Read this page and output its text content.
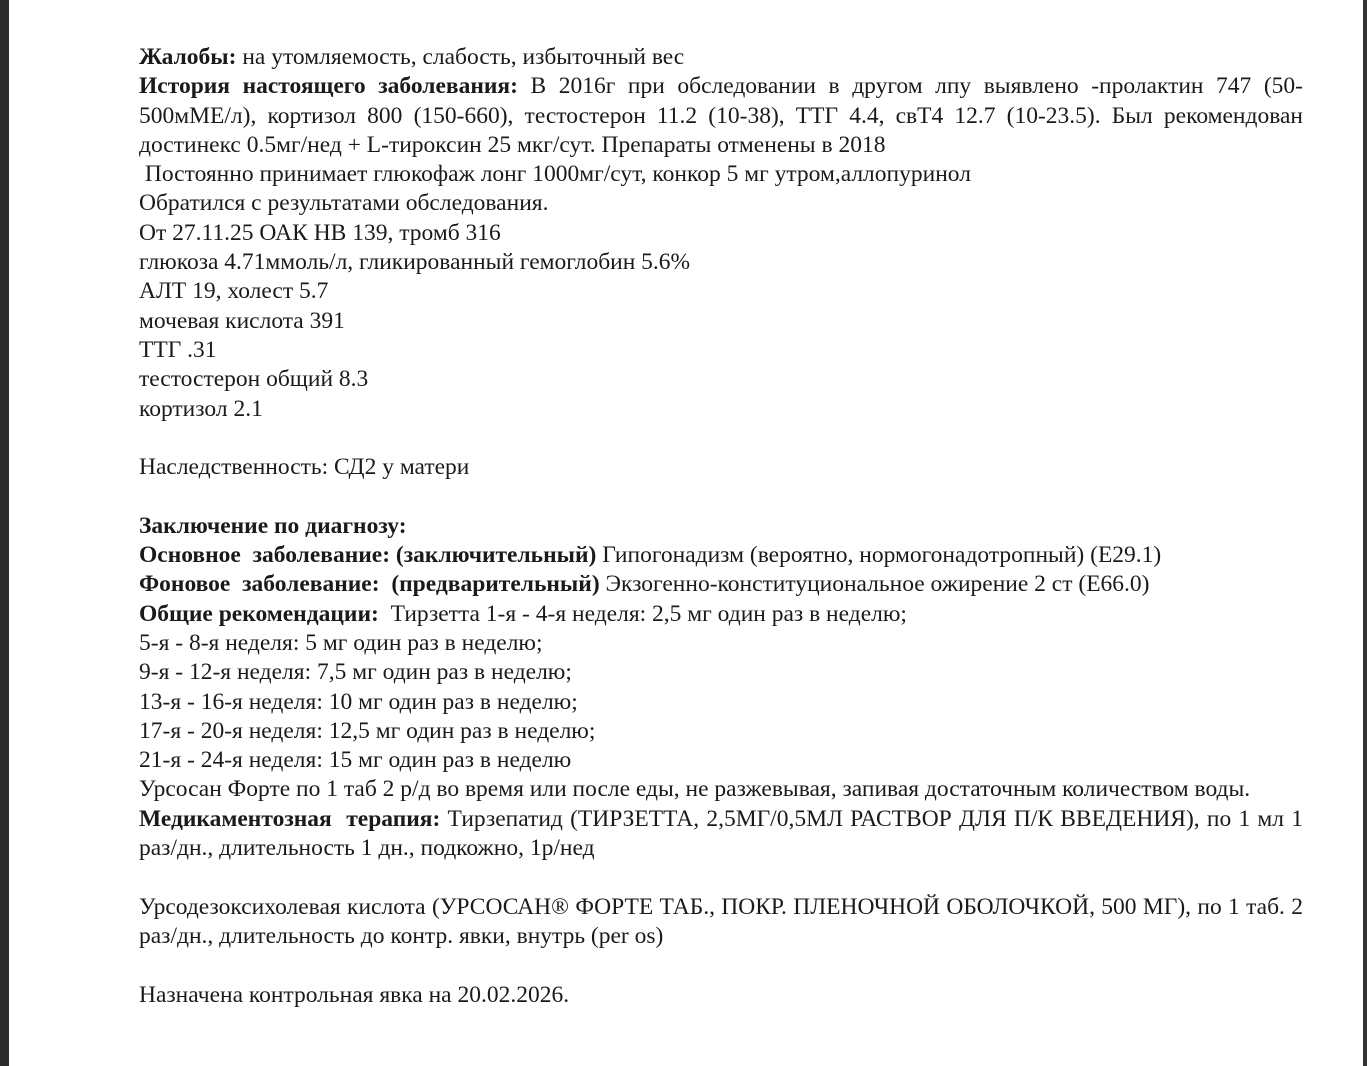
Жалобы: на утомляемость, слабость, избыточный вес
История настоящего заболевания: В 2016г при обследовании в другом лпу выявлено -пролактин 747 (50-500мМЕ/л), кортизол 800 (150-660), тестостерон 11.2 (10-38), ТТГ 4.4, свТ4 12.7 (10-23.5). Был рекомендован достинекс 0.5мг/нед + L-тироксин 25 мкг/сут. Препараты отменены в 2018
Постоянно принимает глюкофаж лонг 1000мг/сут, конкор 5 мг утром,аллопуринол
Обратился с результатами обследования.
От 27.11.25 ОАК НВ 139, тромб 316
глюкоза 4.71ммоль/л, гликированный гемоглобин 5.6%
АЛТ 19, холест 5.7
мочевая кислота 391
ТТГ .31
тестостерон общий 8.3
кортизол 2.1
Наследственность: СД2 у матери
Заключение по диагнозу:
Основное  заболевание: (заключительный) Гипогонадизм (вероятно, нормогонадотропный) (E29.1)
Фоновое  заболевание:  (предварительный) Экзогенно-конституциональное ожирение 2 ст (E66.0)
Общие рекомендации:  Тирзетта 1-я - 4-я неделя: 2,5 мг один раз в неделю;
5-я - 8-я неделя: 5 мг один раз в неделю;
9-я - 12-я неделя: 7,5 мг один раз в неделю;
13-я - 16-я неделя: 10 мг один раз в неделю;
17-я - 20-я неделя: 12,5 мг один раз в неделю;
21-я - 24-я неделя: 15 мг один раз в неделю
Урсосан Форте по 1 таб 2 р/д во время или после еды, не разжевывая, запивая достаточным количеством воды.
Медикаментозная  терапия: Тирзепатид (ТИРЗЕТТА, 2,5МГ/0,5МЛ РАСТВОР ДЛЯ П/К ВВЕДЕНИЯ), по 1 мл 1 раз/дн., длительность 1 дн., подкожно, 1р/нед
Урсодезоксихолевая кислота (УРСОСАН® ФОРТЕ ТАБ., ПОКР. ПЛЕНОЧНОЙ ОБОЛОЧКОЙ, 500 МГ), по 1 таб. 2 раз/дн., длительность до контр. явки, внутрь (per os)
Назначена контрольная явка на 20.02.2026.
